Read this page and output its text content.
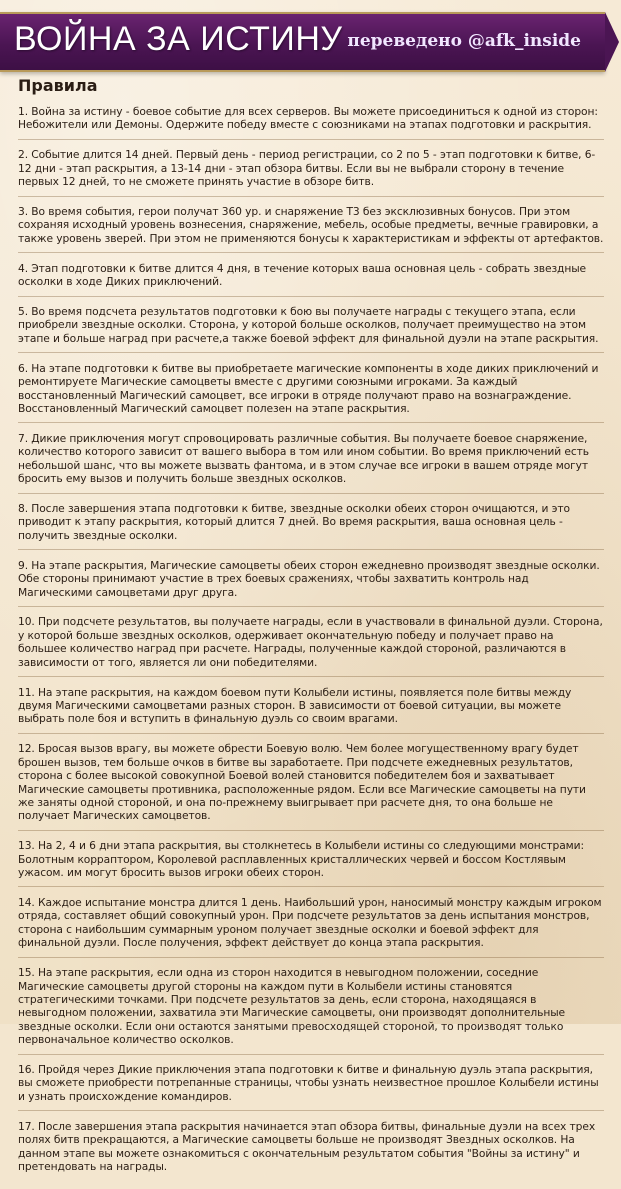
ВОЙНА ЗА ИСТИНУ переведено @afk_inside
Правила
1. Война за истину - боевое событие для всех серверов. Вы можете присоединиться к одной из сторон: Небожители или Демоны. Одержите победу вместе с союзниками на этапах подготовки и раскрытия.
2. Событие длится 14 дней. Первый день - период регистрации, со 2 по 5 - этап подготовки к битве, 6-12 дни - этап раскрытия, а 13-14 дни - этап обзора битвы. Если вы не выбрали сторону в течение первых 12 дней, то не сможете принять участие в обзоре битв.
3. Во время события, герои получат 360 ур. и снаряжение Т3 без эксклюзивных бонусов. При этом сохраняя исходный уровень вознесения, снаряжение, мебель, особые предметы, вечные гравировки, а также уровень зверей. При этом не применяются бонусы к характеристикам и эффекты от артефактов.
4. Этап подготовки к битве длится 4 дня, в течение которых ваша основная цель - собрать звездные осколки в ходе Диких приключений.
5. Во время подсчета результатов подготовки к бою вы получаете награды с текущего этапа, если приобрели звездные осколки. Сторона, у которой больше осколков, получает преимущество на этом этапе и больше наград при расчете,а также боевой эффект для финальной дуэли на этапе раскрытия.
6. На этапе подготовки к битве вы приобретаете магические компоненты в ходе диких приключений и ремонтируете Магические самоцветы вместе с другими союзными игроками. За каждый восстановленный Магический самоцвет, все игроки в отряде получают право на вознаграждение. Восстановленный Магический самоцвет полезен на этапе раскрытия.
7. Дикие приключения могут спровоцировать различные события. Вы получаете боевое снаряжение, количество которого зависит от вашего выбора в том или ином событии. Во время приключений есть небольшой шанс, что вы можете вызвать фантома, и в этом случае все игроки в вашем отряде могут бросить ему вызов и получить больше звездных осколков.
8. После завершения этапа подготовки к битве, звездные осколки обеих сторон очищаются, и это приводит к этапу раскрытия, который длится 7 дней. Во время раскрытия, ваша основная цель - получить звездные осколки.
9. На этапе раскрытия, Магические самоцветы обеих сторон ежедневно производят звездные осколки. Обе стороны принимают участие в трех боевых сражениях, чтобы захватить контроль над Магическими самоцветами друг друга.
10. При подсчете результатов, вы получаете награды, если в участвовали в финальной дуэли. Сторона, у которой больше звездных осколков, одерживает окончательную победу и получает право на большее количество наград при расчете. Награды, полученные каждой стороной, различаются в зависимости от того, является ли они победителями.
11. На этапе раскрытия, на каждом боевом пути Колыбели истины, появляется поле битвы между двумя Магическими самоцветами разных сторон. В зависимости от боевой ситуации, вы можете выбрать поле боя и вступить в финальную дуэль со своим врагами.
12. Бросая вызов врагу, вы можете обрести Боевую волю. Чем более могущественному врагу будет брошен вызов, тем больше очков в битве вы заработаете. При подсчете ежедневных результатов, сторона с более высокой совокупной Боевой волей становится победителем боя и захватывает Магические самоцветы противника, расположенные рядом. Если все Магические самоцветы на пути же заняты одной стороной, и она по-прежнему выигрывает при расчете дня, то она больше не получает Магических самоцветов.
13. На 2, 4 и 6 дни этапа раскрытия, вы столкнетесь в Колыбели истины со следующими монстрами: Болотным корраптором, Королевой расплавленных кристаллических червей и боссом Костлявым ужасом. им могут бросить вызов игроки обеих сторон.
14. Каждое испытание монстра длится 1 день. Наибольший урон, наносимый монстру каждым игроком отряда, составляет общий совокупный урон. При подсчете результатов за день испытания монстров, сторона с наибольшим суммарным уроном получает звездные осколки и боевой эффект для финальной дуэли. После получения, эффект действует до конца этапа раскрытия.
15. На этапе раскрытия, если одна из сторон находится в невыгодном положении, соседние Магические самоцветы другой стороны на каждом пути в Колыбели истины становятся стратегическими точками. При подсчете результатов за день, если сторона, находящаяся в невыгодном положении, захватила эти Магические самоцветы, они производят дополнительные звездные осколки. Если они остаются занятыми превосходящей стороной, то производят только первоначальное количество осколков.
16. Пройдя через Дикие приключения этапа подготовки к битве и финальную дуэль этапа раскрытия, вы сможете приобрести потрепанные страницы, чтобы узнать неизвестное прошлое Колыбели истины и узнать происхождение командиров.
17. После завершения этапа раскрытия начинается этап обзора битвы, финальные дуэли на всех трех полях битв прекращаются, а Магические самоцветы больше не производят Звездных осколков. На данном этапе вы можете ознакомиться с окончательным результатом события "Войны за истину" и претендовать на награды.
